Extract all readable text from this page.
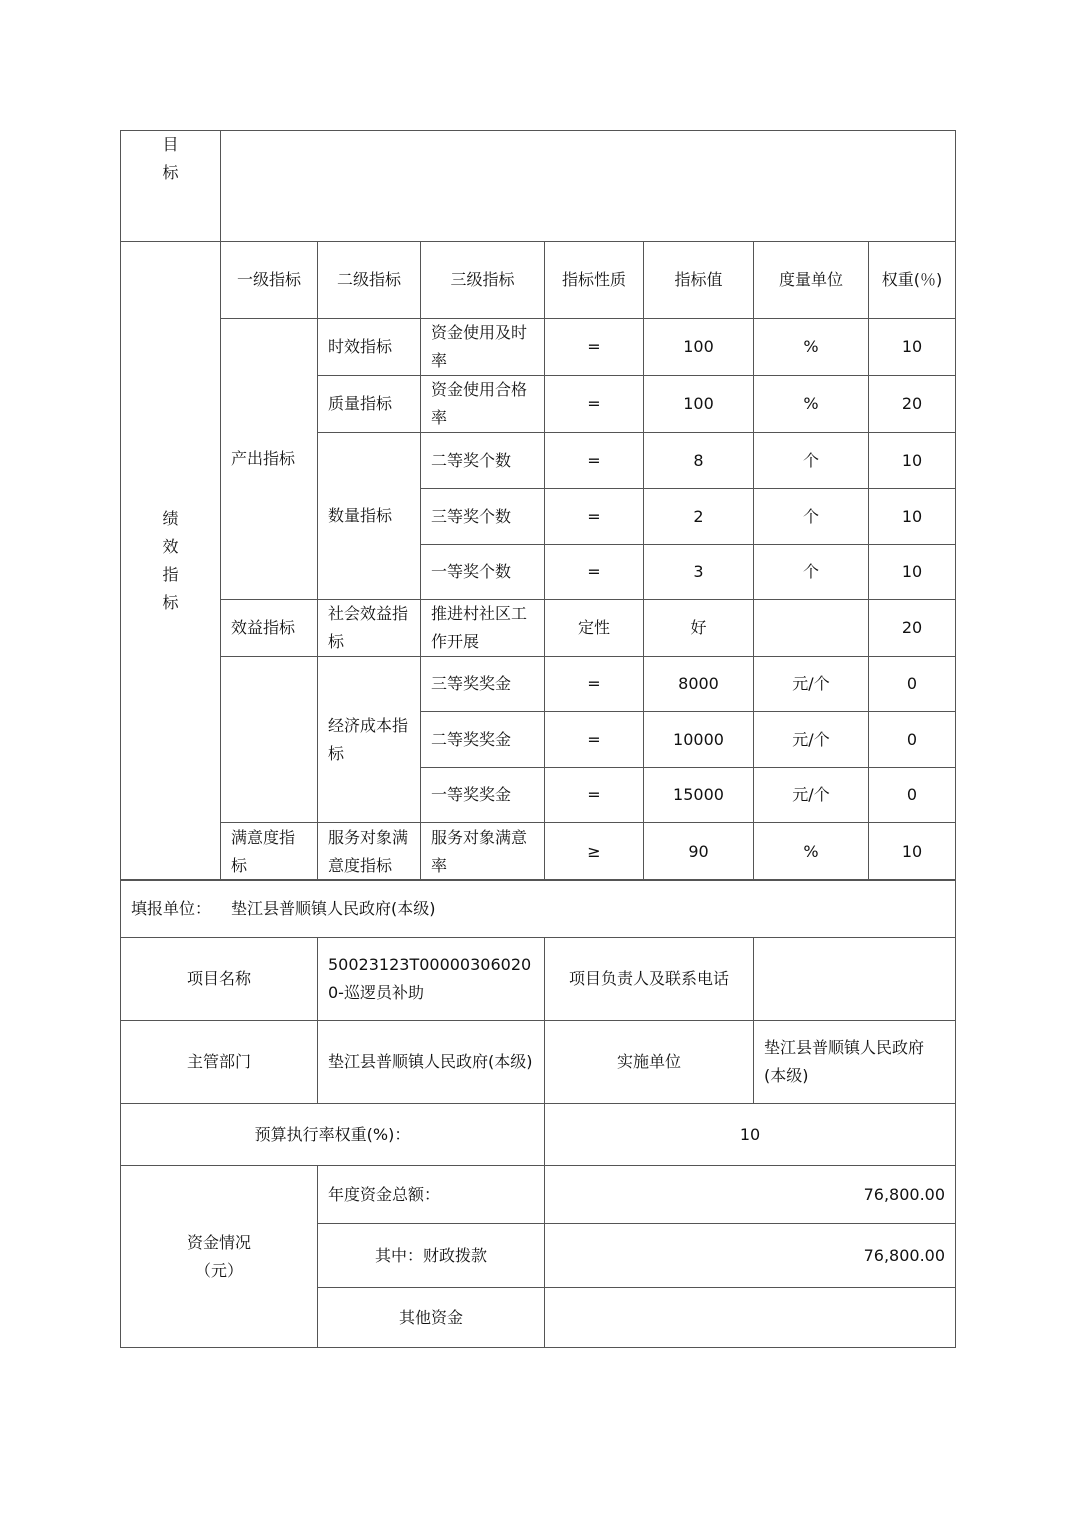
目
标							

绩
效
指
标	一级指标	二级指标	三级指标	指标性质	指标值	度量单位	权重(％)
	产出指标	时效指标	资金使用及时率	=	100	%	10
		质量指标	资金使用合格率	=	100	%	20
		数量指标	二等奖个数	=	8	个	10
			三等奖个数	=	2	个	10
			一等奖个数	=	3	个	10
	效益指标	社会效益指标	推进村社区工作开展	定性	好		20
		经济成本指标	三等奖奖金	=	8000	元/个	0
			二等奖奖金	=	10000	元/个	0
			一等奖奖金	=	15000	元/个	0
	满意度指标	服务对象满意度指标	服务对象满意率	≥	90	%	10
填报单位： 垫江县普顺镇人民政府(本级)			
项目名称	50023123T000003060200-巡逻员补助	项目负责人及联系电话	
主管部门	垫江县普顺镇人民政府(本级)	实施单位	垫江县普顺镇人民政府(本级)
预算执行率权重(%)：		10	

资金情况
（元）	年度资金总额：	76,800.00	
	其中：财政拨款	76,800.00	
	其他资金		
